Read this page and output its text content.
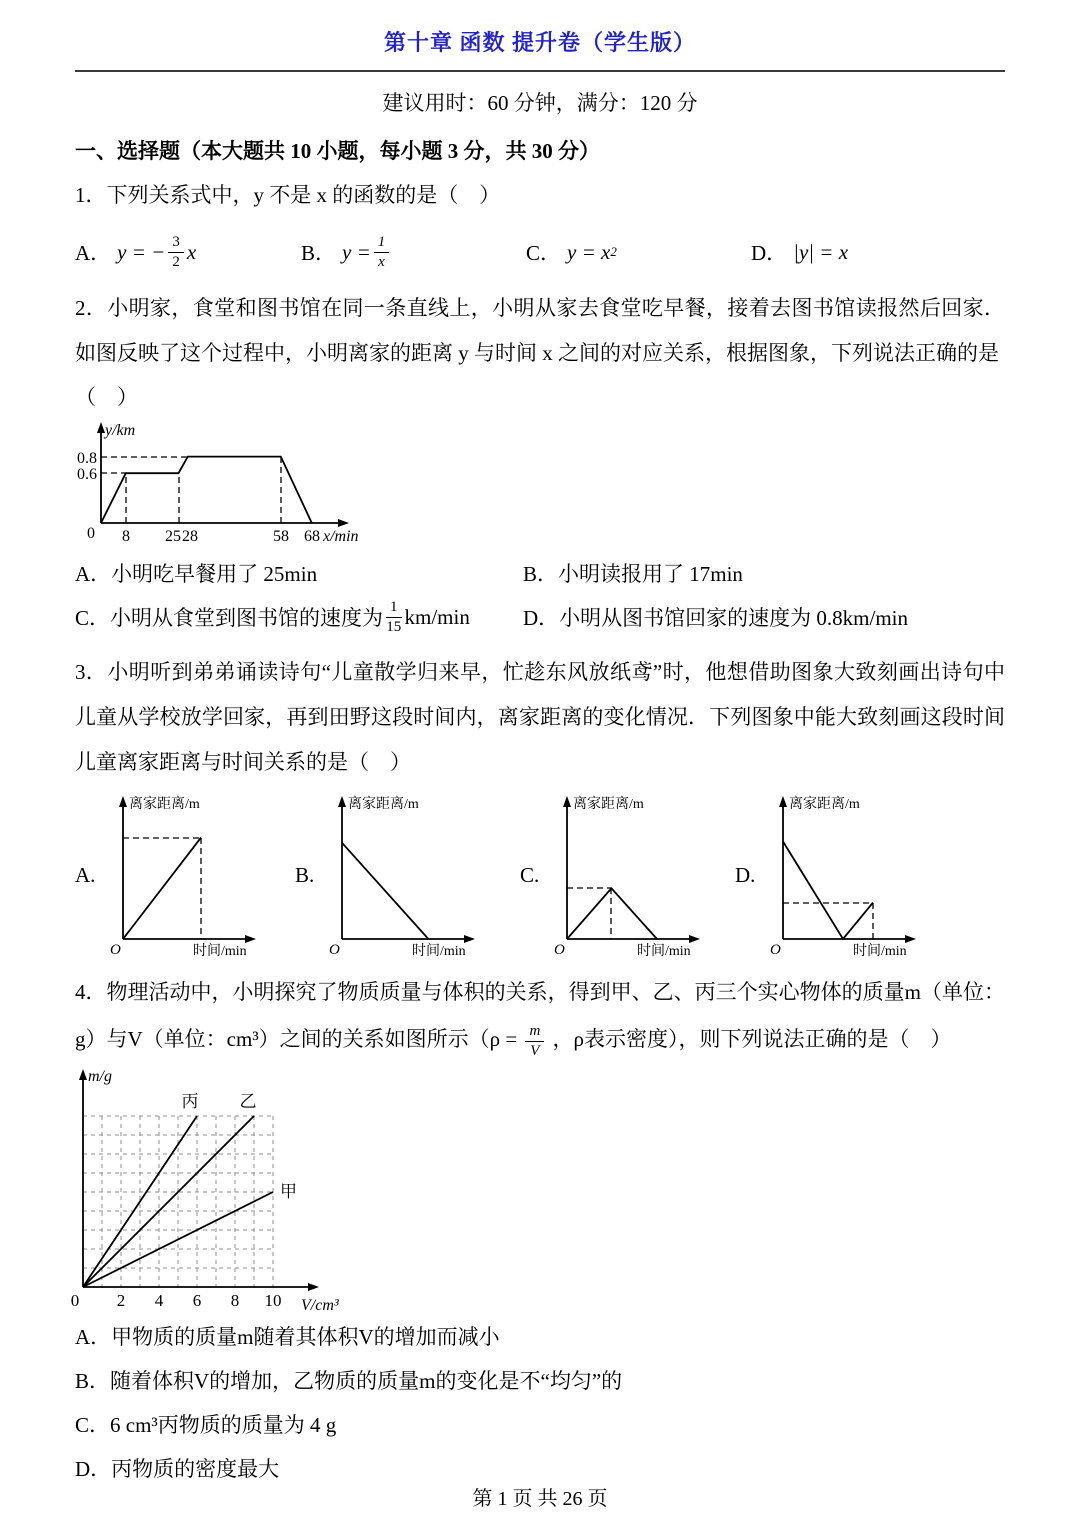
第十章 函数 提升卷（学生版）
建议用时：60 分钟，满分：120 分
一、选择题（本大题共 10 小题，每小题 3 分，共 30 分）
1．下列关系式中，y 不是 x 的函数的是（　）
A． y = − $\frac{3}{2}$ x	B． $y = \frac{1}{x}$	C． y = x 2	D． |y| = x
2．小明家，食堂和图书馆在同一条直线上，小明从家去食堂吃早餐，接着去图书馆读报然后回家．如图反映了这个过程中，小明离家的距离 y 与时间 x 之间的对应关系，根据图象，下列说法正确的是
（　）
y/km
0.8
0.6
0 8 25 28	58 68 x/min
A．小明吃早餐用了 25min	B．小明读报用了 17min
C．小明从食堂到图书馆的速度为 $\frac{1}{15} km/\min$	D．小明从图书馆回家的速度为 0.8km/min
3．小明听到弟弟诵读诗句“儿童散学归来早，忙趁东风放纸鸢”时，他想借助图象大致刻画出诗句中儿童从学校放学回家，再到田野这段时间内，离家距离的变化情况．下列图象中能大致刻画这段时间儿童离家距离与时间关系的是（　）
A.
离家距离/m
O	时间/min
B.
离家距离/m
O	时间/min
C.
离家距离/m
O	时间/min
D.
离家距离/m
O	时间/min
4．物理活动中，小明探究了物质质量与体积的关系，得到甲、乙、丙三个实心物体的质量m（单位：g）与V（单位：cm³）之间的关系如图所示（$\rho = \frac{m}{V}$ ，ρ表示密度），则下列说法正确的是（　）
丙 乙
甲
m/g
0 2 4 6 8 10 V/cm³
A．甲物质的质量m随着其体积V的增加而减小
B．随着体积V的增加，乙物质的质量m的变化是不“均匀”的
C．6 cm³丙物质的质量为 4 g
D．丙物质的密度最大
第 1 页 共 26 页
